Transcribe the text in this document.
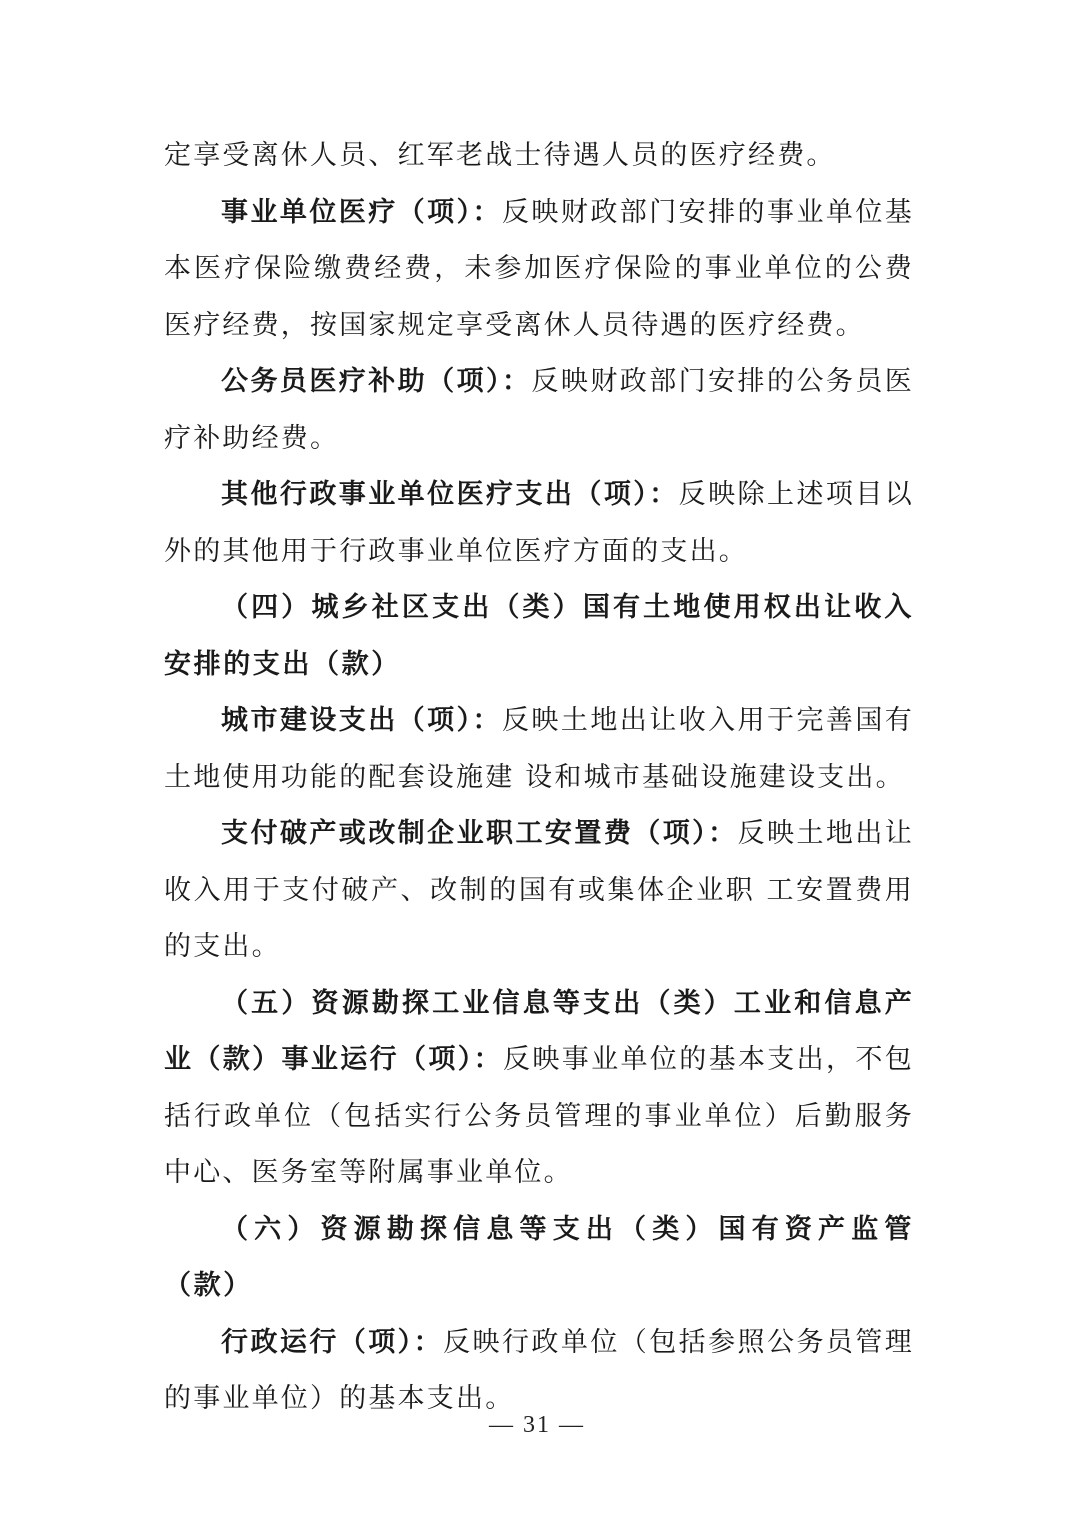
定享受离休人员、红军老战士待遇人员的医疗经费。

事业单位医疗（项）：反映财政部门安排的事业单位基本医疗保险缴费经费，未参加医疗保险的事业单位的公费医疗经费，按国家规定享受离休人员待遇的医疗经费。

公务员医疗补助（项）：反映财政部门安排的公务员医疗补助经费。

其他行政事业单位医疗支出（项）：反映除上述项目以外的其他用于行政事业单位医疗方面的支出。

（四）城乡社区支出（类）国有土地使用权出让收入安排的支出（款）

城市建设支出（项）：反映土地出让收入用于完善国有土地使用功能的配套设施建 设和城市基础设施建设支出。

支付破产或改制企业职工安置费（项）：反映土地出让收入用于支付破产、改制的国有或集体企业职 工安置费用的支出。

（五）资源勘探工业信息等支出（类）工业和信息产业（款）事业运行（项）：反映事业单位的基本支出，不包括行政单位（包括实行公务员管理的事业单位）后勤服务中心、医务室等附属事业单位。

（六）资源勘探信息等支出（类）国有资产监管（款）

行政运行（项）：反映行政单位（包括参照公务员管理的事业单位）的基本支出。

— 31 —
